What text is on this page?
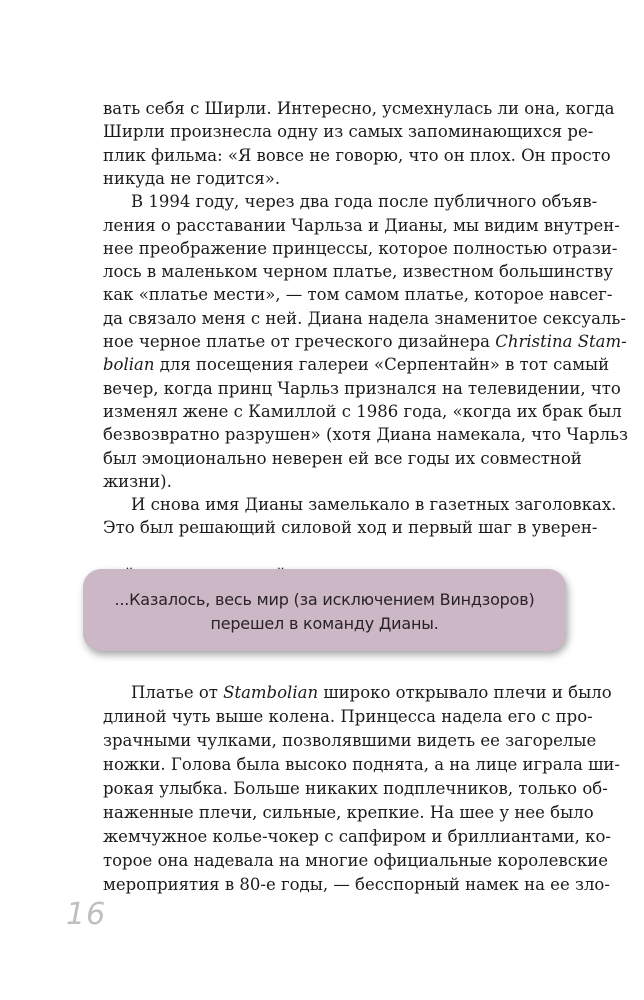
вать себя с Ширли. Интересно, усмехнулась ли она, когда
Ширли произнесла одну из самых запоминающихся ре-
плик фильма: «Я вовсе не говорю, что он плох. Он просто
никуда не годится».
В 1994 году, через два года после публичного объяв-
ления о расставании Чарльза и Дианы, мы видим внутрен-
нее преображение принцессы, которое полностью отрази-
лось в маленьком черном платье, известном большинству
как «платье мести», — том самом платье, которое навсег-
да связало меня с ней. Диана надела знаменитое сексуаль-
ное черное платье от греческого дизайнера Christina Stam-
bolian для посещения галереи «Серпентайн» в тот самый
вечер, когда принц Чарльз признался на телевидении, что
изменял жене с Камиллой с 1986 года, «когда их брак был
безвозвратно разрушен» (хотя Диана намекала, что Чарльз
был эмоционально неверен ей все годы их совместной
жизни).
И снова имя Дианы замелькало в газетных заголовках.
Это был решающий силовой ход и первый шаг в уверен-
...Казалось, весь мир (за исключением Виндзоров)
перешел в команду Дианы.
Платье от Stambolian широко открывало плечи и было
длиной чуть выше колена. Принцесса надела его с про-
зрачными чулками, позволявшими видеть ее загорелые
ножки. Голова была высоко поднята, а на лице играла ши-
рокая улыбка. Больше никаких подплечников, только об-
наженные плечи, сильные, крепкие. На шее у нее было
жемчужное колье-чокер с сапфиром и бриллиантами, ко-
торое она надевала на многие официальные королевские
мероприятия в 80-е годы, — бесспорный намек на ее зло-
16
